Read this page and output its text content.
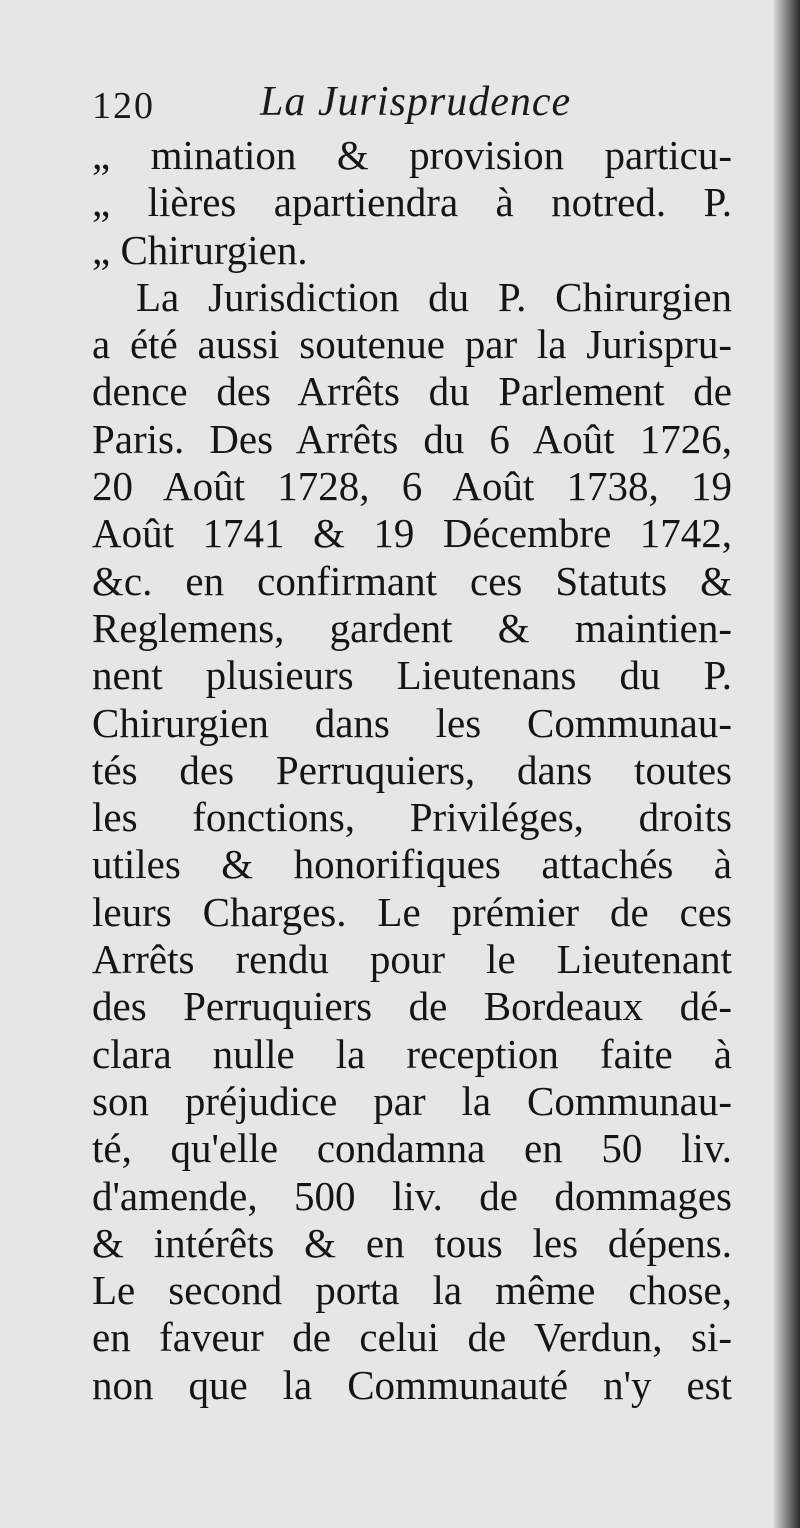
120	La Jurisprudence
„ mination & provision particu-
„ lières apartiendra à notred. P.
„ Chirurgien.
La Jurisdiction du P. Chirurgien
a été aussi soutenue par la Jurispru-
dence des Arrêts du Parlement de
Paris. Des Arrêts du 6 Août 1726,
20 Août 1728, 6 Août 1738, 19
Août 1741 & 19 Décembre 1742,
&c. en confirmant ces Statuts &
Reglemens, gardent & maintien-
nent plusieurs Lieutenans du P.
Chirurgien dans les Communau-
tés des Perruquiers, dans toutes
les fonctions, Priviléges, droits
utiles & honorifiques attachés à
leurs Charges. Le prémier de ces
Arrêts rendu pour le Lieutenant
des Perruquiers de Bordeaux dé-
clara nulle la reception faite à
son préjudice par la Communau-
té, qu'elle condamna en 50 liv.
d'amende, 500 liv. de dommages
& intérêts & en tous les dépens.
Le second porta la même chose,
en faveur de celui de Verdun, si-
non que la Communauté n'y est
